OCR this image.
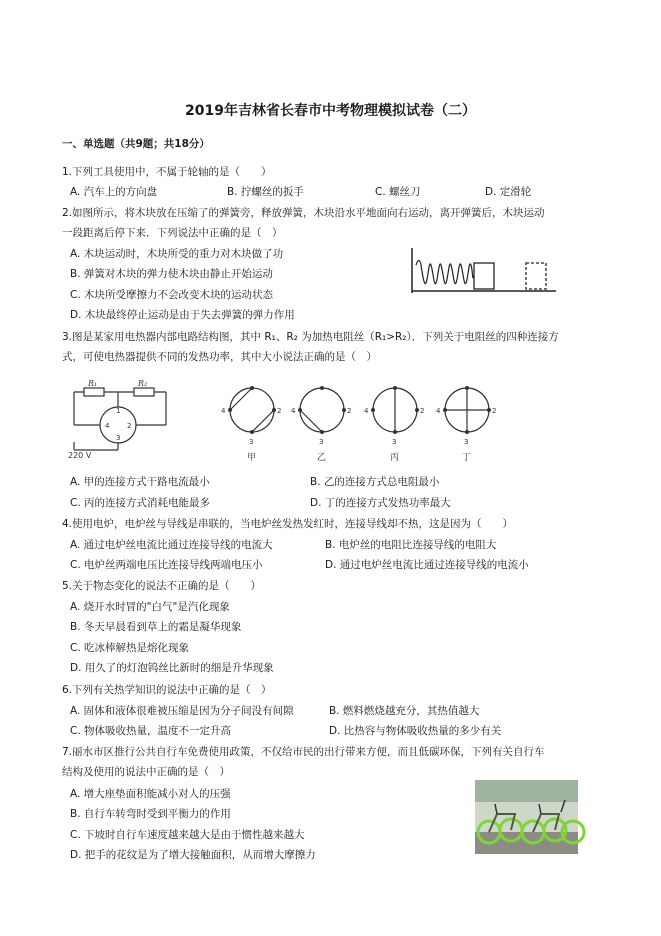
2019年吉林省长春市中考物理模拟试卷（二）
一、单选题（共9题；共18分）
1.下列工具使用中，不属于轮轴的是（　　）
A. 汽车上的方向盘	B. 拧螺丝的扳手	C. 螺丝刀	D. 定滑轮
2.如图所示，将木块放在压缩了的弹簧旁，释放弹簧，木块沿水平地面向右运动，离开弹簧后，木块运动
一段距离后停下来．下列说法中正确的是（　）
A. 木块运动时，木块所受的重力对木块做了功
B. 弹簧对木块的弹力使木块由静止开始运动
C. 木块所受摩擦力不会改变木块的运动状态
D. 木块最终停止运动是由于失去弹簧的弹力作用
3.图是某家用电热器内部电路结构图，其中 R₁、R₂ 为加热电阻丝（R₁>R₂）．下列关于电阻丝的四种连接方
式，可使电热器提供不同的发热功率，其中大小说法正确的是（　）
R₁	R₂
220 V
1
2
3
4
4	2
3
甲
4	2
3
乙
4	2
3
丙
4	2
3
丁
A. 甲的连接方式干路电流最小	B. 乙的连接方式总电阻最小
C. 丙的连接方式消耗电能最多	D. 丁的连接方式发热功率最大
4.使用电炉，电炉丝与导线是串联的，当电炉丝发热发红时，连接导线却不热，这是因为（　　）
A. 通过电炉丝电流比通过连接导线的电流大	B. 电炉丝的电阻比连接导线的电阻大
C. 电炉丝两端电压比连接导线两端电压小	D. 通过电炉丝电流比通过连接导线的电流小
5.关于物态变化的说法不正确的是（　　）
A. 烧开水时冒的"白气"是汽化现象
B. 冬天早晨看到草上的霜是凝华现象
C. 吃冰棒解热是熔化现象
D. 用久了的灯泡钨丝比新时的细是升华现象
6.下列有关热学知识的说法中正确的是（　）
A. 固体和液体很难被压缩是因为分子间没有间隙	B. 燃料燃烧越充分，其热值越大
C. 物体吸收热量，温度不一定升高	D. 比热容与物体吸收热量的多少有关
7.丽水市区推行公共自行车免费使用政策，不仅给市民的出行带来方便，而且低碳环保，下列有关自行车
结构及使用的说法中正确的是（　）
A. 增大座垫面积能减小对人的压强
B. 自行车转弯时受到平衡力的作用
C. 下坡时自行车速度越来越大是由于惯性越来越大
D. 把手的花纹是为了增大接触面积，从而增大摩擦力
